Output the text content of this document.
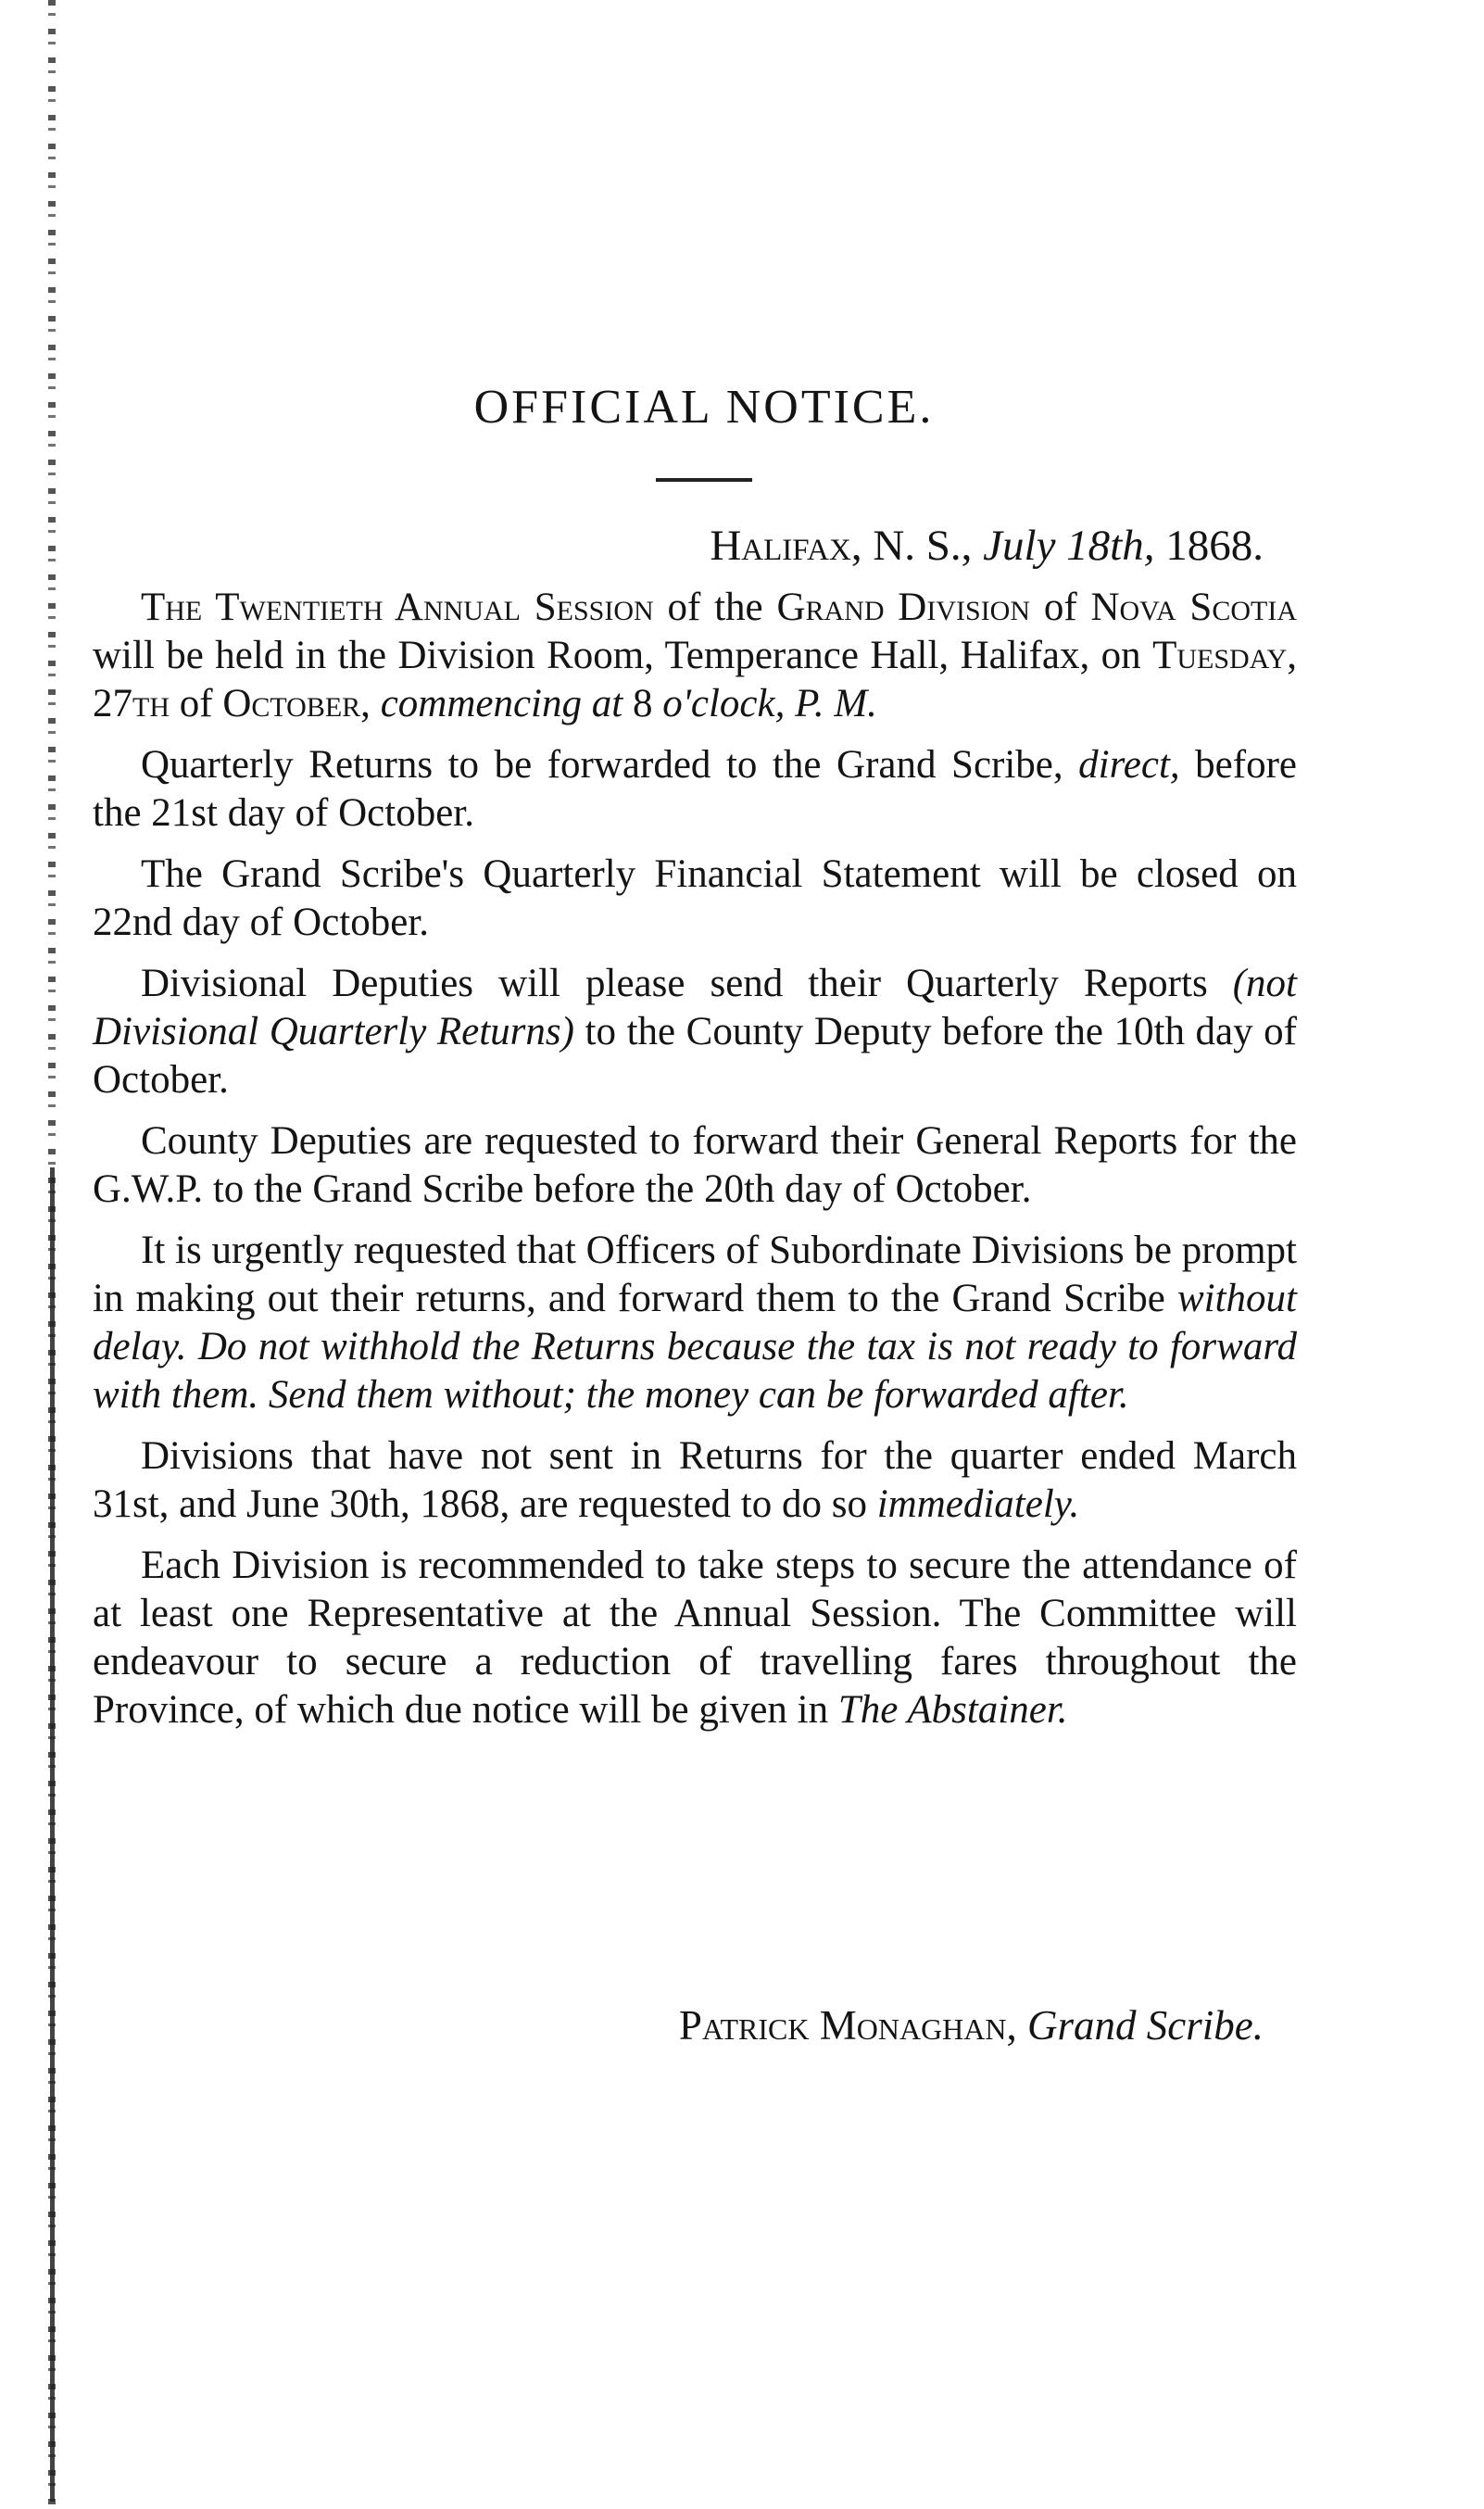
OFFICIAL NOTICE.
Halifax, N. S., July 18th, 1868.

The Twentieth Annual Session of the Grand Division of Nova Scotia will be held in the Division Room, Temperance Hall, Halifax, on Tuesday, 27th of October, commencing at 8 o'clock, P. M.

Quarterly Returns to be forwarded to the Grand Scribe, direct, before the 21st day of October.

The Grand Scribe's Quarterly Financial Statement will be closed on 22nd day of October.

Divisional Deputies will please send their Quarterly Reports (not Divisional Quarterly Returns) to the County Deputy before the 10th day of October.

County Deputies are requested to forward their General Reports for the G.W.P. to the Grand Scribe before the 20th day of October.

It is urgently requested that Officers of Subordinate Divisions be prompt in making out their returns, and forward them to the Grand Scribe without delay. Do not withhold the Returns because the tax is not ready to forward with them. Send them without; the money can be forwarded after.

Divisions that have not sent in Returns for the quarter ended March 31st, and June 30th, 1868, are requested to do so immediately.

Each Division is recommended to take steps to secure the attendance of at least one Representative at the Annual Session. The Committee will endeavour to secure a reduction of travelling fares throughout the Province, of which due notice will be given in The Abstainer.

Patrick Monaghan, Grand Scribe.
